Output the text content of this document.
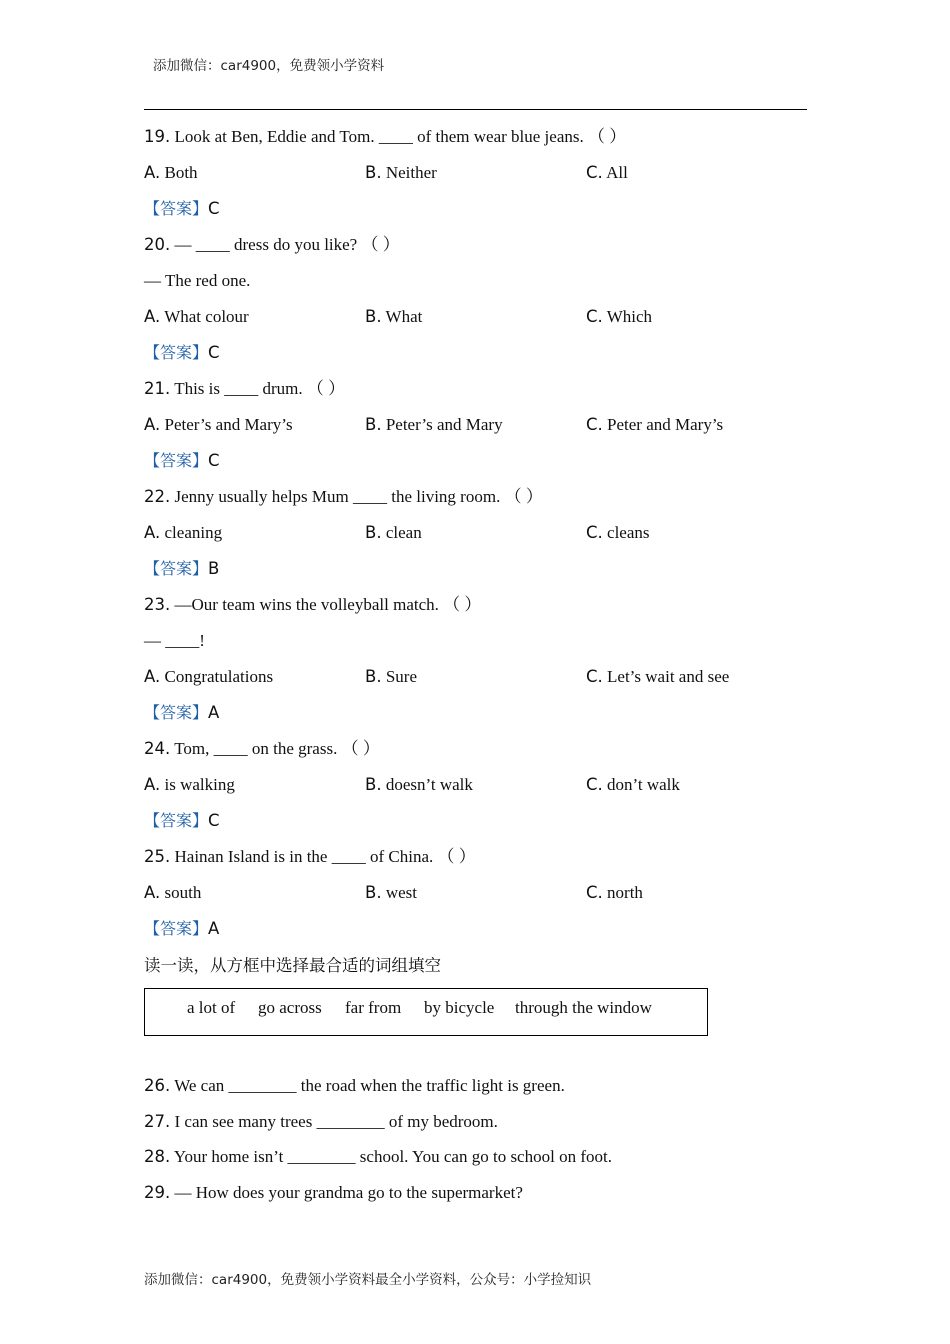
添加微信：car4900，免费领小学资料
19. Look at Ben, Eddie and Tom. ____ of them wear blue jeans. （ ）
A. Both	B. Neither	C. All
【答案】C
20. — ____ dress do you like? （ ）
— The red one.
A. What colour	B. What	C. Which
【答案】C
21. This is ____ drum. （ ）
A. Peter’s and Mary’s	B. Peter’s and Mary	C. Peter and Mary’s
【答案】C
22. Jenny usually helps Mum ____ the living room. （ ）
A. cleaning	B. clean	C. cleans
【答案】B
23. —Our team wins the volleyball match. （ ）
— ____!
A. Congratulations	B. Sure	C. Let’s wait and see
【答案】A
24. Tom, ____ on the grass. （ ）
A. is walking	B. doesn’t walk	C. don’t walk
【答案】C
25. Hainan Island is in the ____ of China. （ ）
A. south	B. west	C. north
【答案】A
读一读，从方框中选择最合适的词组填空
a lot of go across far from by bicycle through the window
26. We can ________ the road when the traffic light is green.
27. I can see many trees ________ of my bedroom.
28. Your home isn’t ________ school. You can go to school on foot.
29. — How does your grandma go to the supermarket?
添加微信：car4900，免费领小学资料最全小学资料，公众号：小学捡知识
